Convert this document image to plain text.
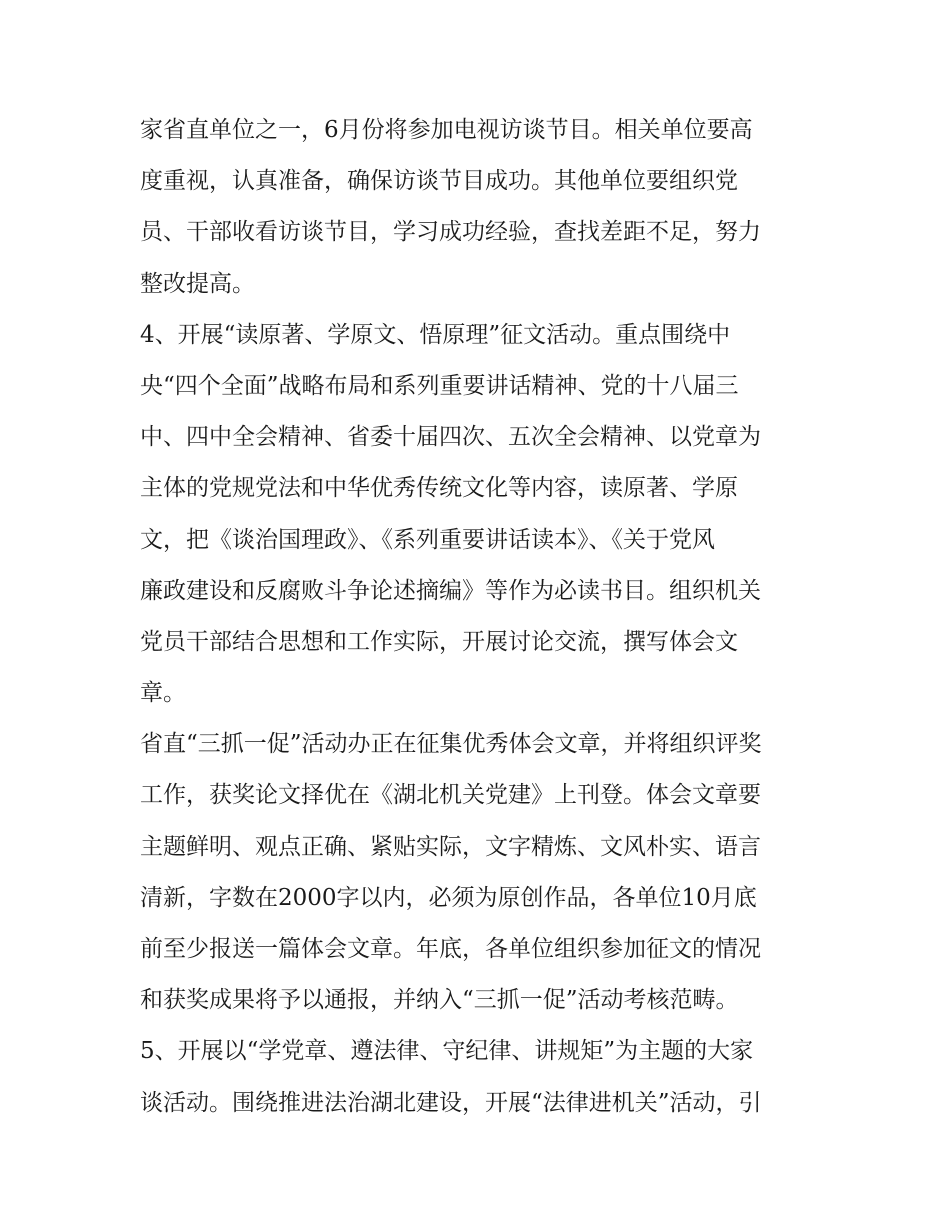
家省直单位之一，6月份将参加电视访谈节目。相关单位要高
度重视，认真准备，确保访谈节目成功。其他单位要组织党
员、干部收看访谈节目，学习成功经验，查找差距不足，努力
整改提高。
4、开展“读原著、学原文、悟原理”征文活动。重点围绕中
央“四个全面”战略布局和系列重要讲话精神、党的十八届三
中、四中全会精神、省委十届四次、五次全会精神、以党章为
主体的党规党法和中华优秀传统文化等内容，读原著、学原
文，把《谈治国理政》、《系列重要讲话读本》、《关于党风
廉政建设和反腐败斗争论述摘编》等作为必读书目。组织机关
党员干部结合思想和工作实际，开展讨论交流，撰写体会文
章。
省直“三抓一促”活动办正在征集优秀体会文章，并将组织评奖
工作，获奖论文择优在《湖北机关党建》上刊登。体会文章要
主题鲜明、观点正确、紧贴实际，文字精炼、文风朴实、语言
清新，字数在2000字以内，必须为原创作品，各单位10月底
前至少报送一篇体会文章。年底，各单位组织参加征文的情况
和获奖成果将予以通报，并纳入“三抓一促”活动考核范畴。
5、开展以“学党章、遵法律、守纪律、讲规矩”为主题的大家
谈活动。围绕推进法治湖北建设，开展“法律进机关”活动，引
